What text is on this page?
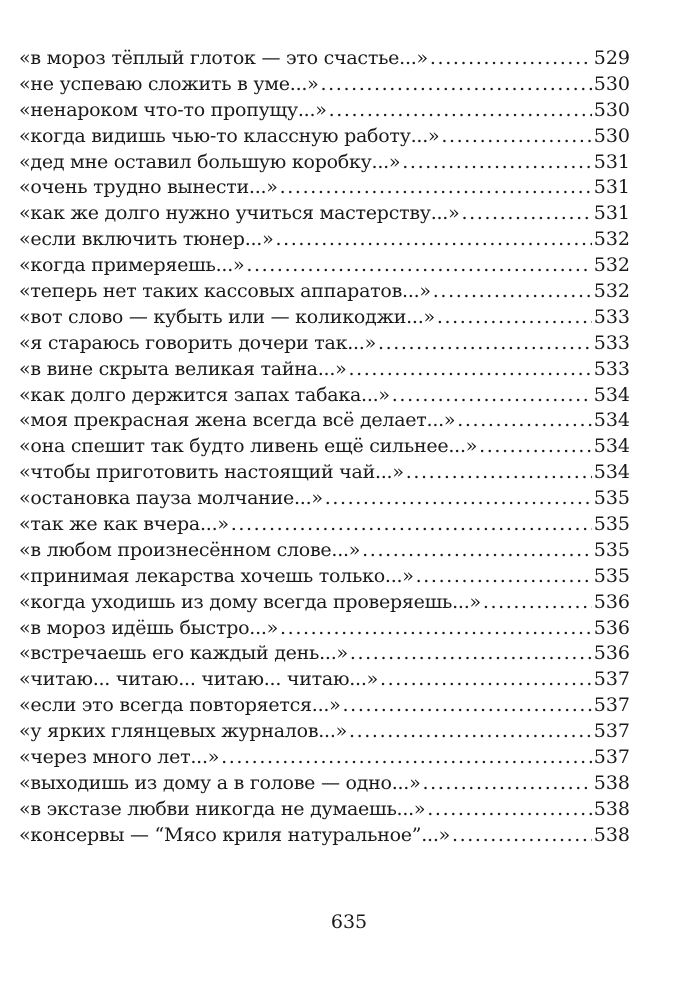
«в мороз тёплый глоток — это счастье...» .....	529
«не успеваю сложить в уме...» .....	530
«ненароком что-то пропущу...» .....	530
«когда видишь чью-то классную работу...» .....	530
«дед мне оставил большую коробку...» .....	531
«очень трудно вынести...» .....	531
«как же долго нужно учиться мастерству...» .....	531
«если включить тюнер...» .....	532
«когда примеряешь...» .....	532
«теперь нет таких кассовых аппаратов...» .....	532
«вот слово — кубыть или — коликоджи...» .....	533
«я стараюсь говорить дочери так...» .....	533
«в вине скрыта великая тайна...» .....	533
«как долго держится запах табака...» .....	534
«моя прекрасная жена всегда всё делает...» .....	534
«она спешит так будто ливень ещё сильнее...» .....	534
«чтобы приготовить настоящий чай...» .....	534
«остановка пауза молчание...» .....	535
«так же как вчера...» .....	535
«в любом произнесённом слове...» .....	535
«принимая лекарства хочешь только...» .....	535
«когда уходишь из дому всегда проверяешь...» .....	536
«в мороз идёшь быстро...» .....	536
«встречаешь его каждый день...» .....	536
«читаю... читаю... читаю... читаю...» .....	537
«если это всегда повторяется...» .....	537
«у ярких глянцевых журналов...» .....	537
«через много лет...» .....	537
«выходишь из дому а в голове — одно...» .....	538
«в экстазе любви никогда не думаешь...» .....	538
«консервы — “Мясо криля натуральное”...» .....	538
635
